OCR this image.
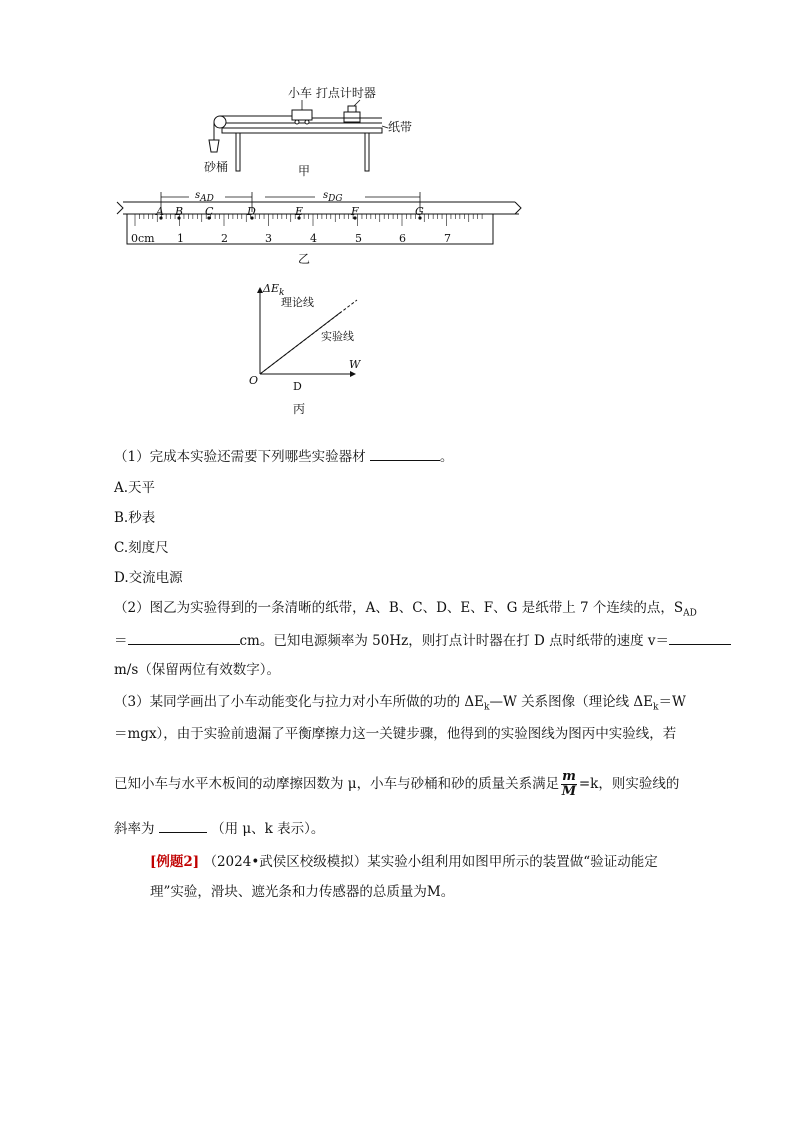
小车 打点计时器
纸带
砂桶	甲
$s_{AD}$	$s_{DG}$
A B C	D	E	F	G
0cm 1	2	3	4	5	6	7
乙
$\Delta E_k$
理论线
实验线
W
O	D
丙
（1）完成本实验还需要下列哪些实验器材	。
A.天平
B.秒表
C.刻度尺
D.交流电源
（2）图乙为实验得到的一条清晰的纸带，A、B、C、D、E、F、G 是纸带上 7 个连续的点，$S_{AD}$
＝	cm。已知电源频率为 50Hz，则打点计时器在打 D 点时纸带的速度 v＝
m/s（保留两位有效数字）。
（3）某同学画出了小车动能变化与拉力对小车所做的功的 $\Delta E_k—W$ 关系图像（理论线 $\Delta E_k=W$
＝mgx），由于实验前遗漏了平衡摩擦力这一关键步骤，他得到的实验图线为图丙中实验线，若
已知小车与水平木板间的动摩擦因数为 μ，小车与砂桶和砂的质量关系满足 $\frac{m}{M} =k$，则实验线的
斜率为	（用 μ、k 表示）。
[例题2] （2024•武侯区校级模拟）某实验小组利用如图甲所示的装置做“验证动能定
理”实验，滑块、遮光条和力传感器的总质量为M。
